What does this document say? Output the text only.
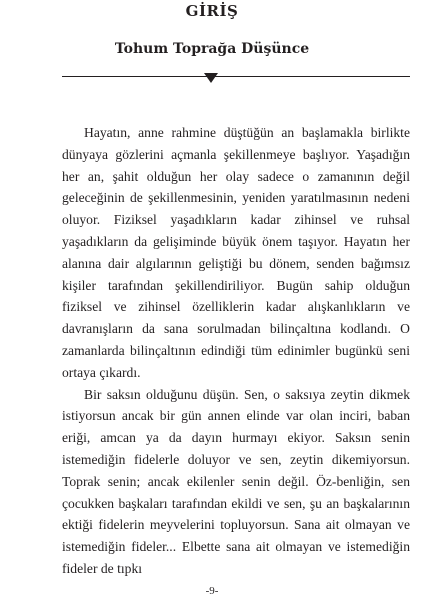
GİRİŞ
Tohum Toprağa Düşünce

Hayatın, anne rahmine düştüğün an başlamakla birlikte dünyaya gözlerini açmanla şekillenmeye başlıyor. Yaşadığın her an, şahit olduğun her olay sadece o zamanının değil geleceğinin de şekillenmesinin, yeniden yaratılmasının nedeni oluyor. Fiziksel yaşadıkların kadar zihinsel ve ruhsal yaşadıkların da gelişiminde büyük önem taşıyor. Hayatın her alanına dair algılarının geliştiği bu dönem, senden bağımsız kişiler tarafından şekillendiriliyor. Bugün sahip olduğun fiziksel ve zihinsel özelliklerin kadar alışkanlıkların ve davranışların da sana sorulmadan bilinçaltına kodlandı. O zamanlarda bilinçaltının edindiği tüm edinimler bugünkü seni ortaya çıkardı.

Bir saksın olduğunu düşün. Sen, o saksıya zeytin dikmek istiyorsun ancak bir gün annen elinde var olan inciri, baban eriği, amcan ya da dayın hurmayı ekiyor. Saksın senin istemediğin fidelerle doluyor ve sen, zeytin dikemiyorsun. Toprak senin; ancak ekilenler senin değil. Öz-benliğin, sen çocukken başkaları tarafından ekildi ve sen, şu an başkalarının ektiği fidelerin meyvelerini topluyorsun. Sana ait olmayan ve istemediğin fideler... Elbette sana ait olmayan ve istemediğin fideler de tıpkı

-9-
